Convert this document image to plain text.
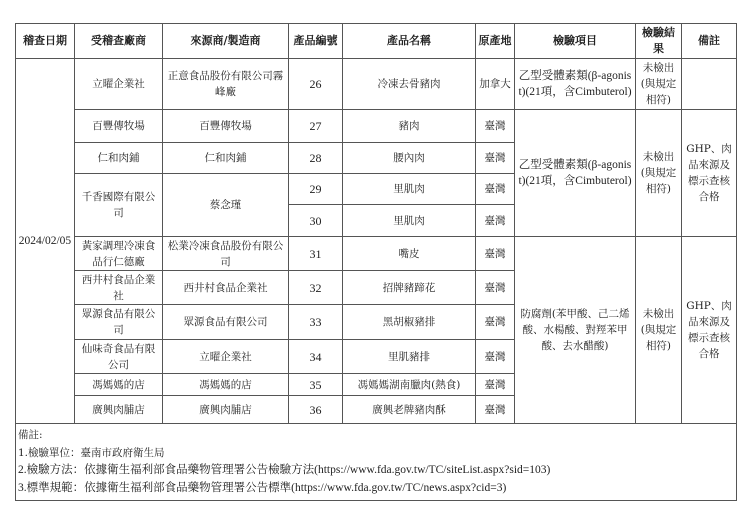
稽查日期	受稽查廠商	來源商/製造商	產品編號	產品名稱	原產地	檢驗項目	檢驗結果	備註
2024/02/05	立曜企業社	正意食品股份有限公司霧峰廠	26	冷凍去骨豬肉	加拿大	乙型受體素類(β-agonist)(21項，含Cimbuterol)	未檢出(與規定相符)	
	百豐傳牧場	百豐傳牧場	27	豬肉	臺灣	乙型受體素類(β-agonist)(21項，含Cimbuterol)	未檢出(與規定相符)	GHP、肉品來源及標示查核合格
	仁和肉鋪	仁和肉鋪	28	腰內肉	臺灣			
	千香國際有限公司	蔡念瑾	29	里肌肉	臺灣			
			30	里肌肉	臺灣			
	黃家調理冷凍食品行仁德廠	松業冷凍食品股份有限公司	31	嘴皮	臺灣	防腐劑(苯甲酸、己二烯酸、水楊酸、對羥苯甲酸、去水醋酸)	未檢出(與規定相符)	GHP、肉品來源及標示查核合格
	西井村食品企業社	西井村食品企業社	32	招牌豬蹄花	臺灣			
	眾源食品有限公司	眾源食品有限公司	33	黑胡椒豬排	臺灣			
	仙味奇食品有限公司	立曜企業社	34	里肌豬排	臺灣			
	馮媽媽的店	馮媽媽的店	35	馮媽媽湖南臘肉(熱食)	臺灣			
	廣興肉脯店	廣興肉脯店	36	廣興老牌豬肉酥	臺灣			

備註:
1.檢驗單位：臺南市政府衛生局
2.檢驗方法：依據衛生福利部食品藥物管理署公告檢驗方法(https://www.fda.gov.tw/TC/siteList.aspx?sid=103)
3.標準規範：依據衛生福利部食品藥物管理署公告標準(https://www.fda.gov.tw/TC/news.aspx?cid=3)								
